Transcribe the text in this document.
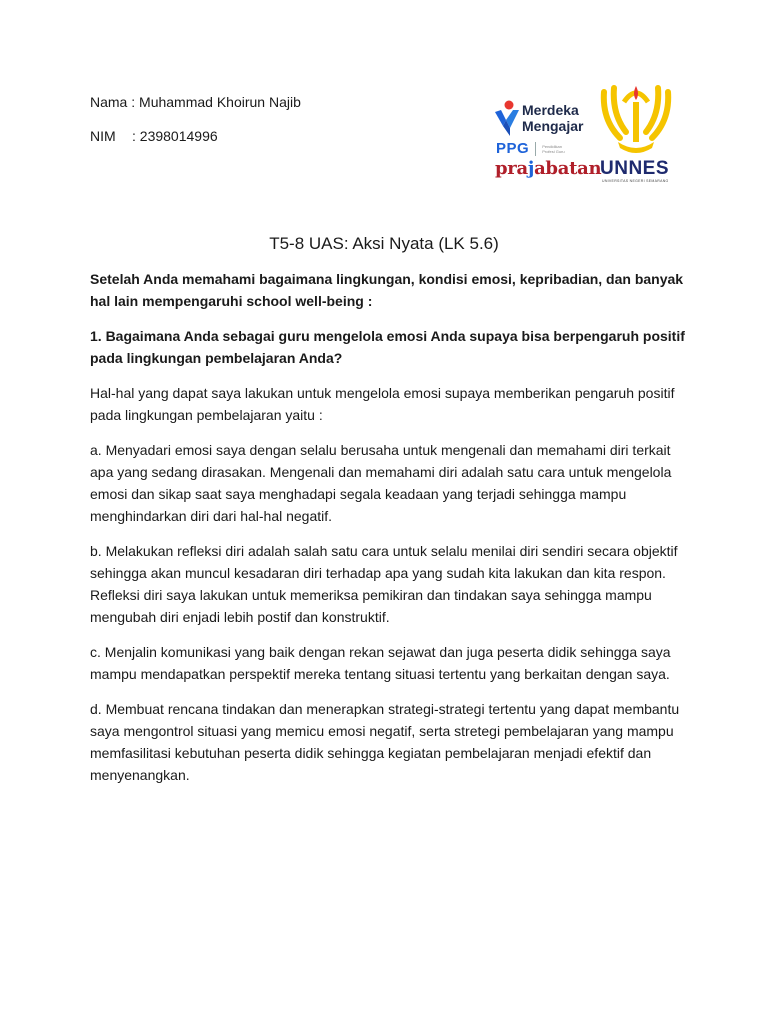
Nama
:
Muhammad Khoirun Najib
NIM	:
2398014996
Merdeka
Mengajar
PPG	Pendidikan Profesi Guru
prajabatan
UNNES
UNIVERSITAS NEGERI SEMARANG
T5-8 UAS: Aksi Nyata (LK 5.6)

Setelah Anda memahami bagaimana lingkungan, kondisi emosi, kepribadian, dan banyak hal lain mempengaruhi school well-being :

1. Bagaimana Anda sebagai guru mengelola emosi Anda supaya bisa berpengaruh positif pada lingkungan pembelajaran Anda?

Hal-hal yang dapat saya lakukan untuk mengelola emosi supaya memberikan pengaruh positif pada lingkungan pembelajaran yaitu :

a. Menyadari emosi saya dengan selalu berusaha untuk mengenali dan memahami diri terkait apa yang sedang dirasakan. Mengenali dan memahami diri adalah satu cara untuk mengelola emosi dan sikap saat saya menghadapi segala keadaan yang terjadi sehingga mampu menghindarkan diri dari hal-hal negatif.

b. Melakukan refleksi diri adalah salah satu cara untuk selalu menilai diri sendiri secara objektif sehingga akan muncul kesadaran diri terhadap apa yang sudah kita lakukan dan kita respon. Refleksi diri saya lakukan untuk memeriksa pemikiran dan tindakan saya sehingga mampu mengubah diri enjadi lebih postif dan konstruktif.

c. Menjalin komunikasi yang baik dengan rekan sejawat dan juga peserta didik sehingga saya mampu mendapatkan perspektif mereka tentang situasi tertentu yang berkaitan dengan saya.

d. Membuat rencana tindakan dan menerapkan strategi-strategi tertentu yang dapat membantu saya mengontrol situasi yang memicu emosi negatif, serta stretegi pembelajaran yang mampu memfasilitasi kebutuhan peserta didik sehingga kegiatan pembelajaran menjadi efektif dan menyenangkan.
